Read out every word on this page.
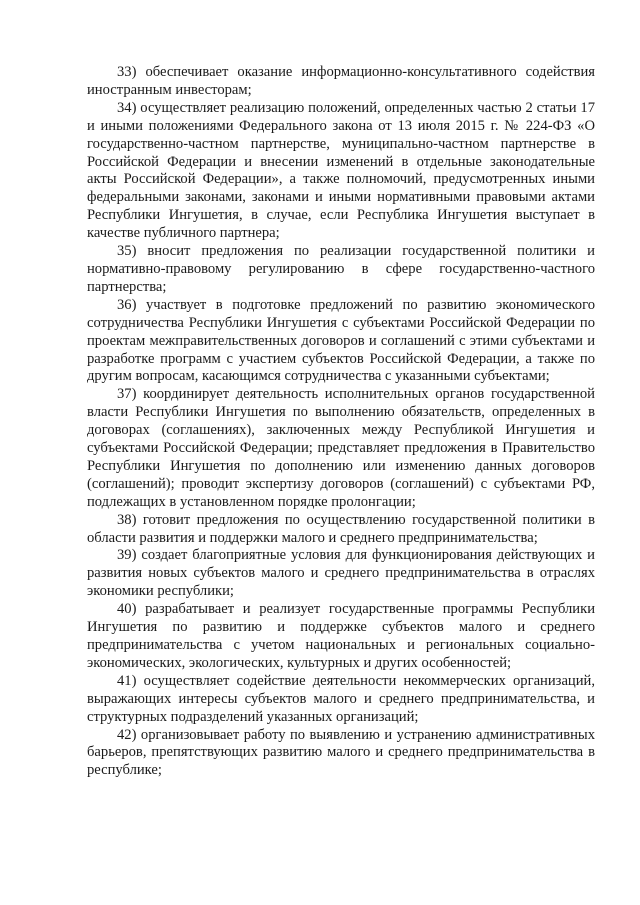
33) обеспечивает оказание информационно-консультативного содействия иностранным инвесторам;

34) осуществляет реализацию положений, определенных частью 2 статьи 17 и иными положениями Федерального закона от 13 июля 2015 г. № 224-ФЗ «О государственно-частном партнерстве, муниципально-частном партнерстве в Российской Федерации и внесении изменений в отдельные законодательные акты Российской Федерации», а также полномочий, предусмотренных иными федеральными законами, законами и иными нормативными правовыми актами Республики Ингушетия, в случае, если Республика Ингушетия выступает в качестве публичного партнера;

35) вносит предложения по реализации государственной политики и нормативно-правовому регулированию в сфере государственно-частного партнерства;

36) участвует в подготовке предложений по развитию экономического сотрудничества Республики Ингушетия с субъектами Российской Федерации по проектам межправительственных договоров и соглашений с этими субъектами и разработке программ с участием субъектов Российской Федерации, а также по другим вопросам, касающимся сотрудничества с указанными субъектами;

37) координирует деятельность исполнительных органов государственной власти Республики Ингушетия по выполнению обязательств, определенных в договорах (соглашениях), заключенных между Республикой Ингушетия и субъектами Российской Федерации; представляет предложения в Правительство Республики Ингушетия по дополнению или изменению данных договоров (соглашений); проводит экспертизу договоров (соглашений) с субъектами РФ, подлежащих в установленном порядке пролонгации;

38) готовит предложения по осуществлению государственной политики в области развития и поддержки малого и среднего предпринимательства;

39) создает благоприятные условия для функционирования действующих и развития новых субъектов малого и среднего предпринимательства в отраслях экономики республики;

40) разрабатывает и реализует государственные программы Республики Ингушетия по развитию и поддержке субъектов малого и среднего предпринимательства с учетом национальных и региональных социально-экономических, экологических, культурных и других особенностей;

41) осуществляет содействие деятельности некоммерческих организаций, выражающих интересы субъектов малого и среднего предпринимательства, и структурных подразделений указанных организаций;

42) организовывает работу по выявлению и устранению административных барьеров, препятствующих развитию малого и среднего предпринимательства в республике;
